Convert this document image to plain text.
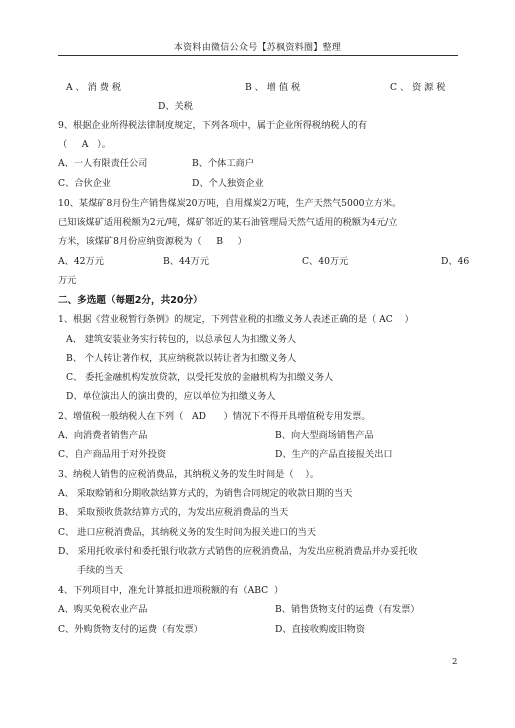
本资料由微信公众号【苏枫资料圈】整理
A 、 消 费 税	B 、 增 值 税	C 、 资 源 税
D、关税
9、根据企业所得税法律制度规定，下列各项中，属于企业所得税纳税人的有
（     A   ）。
A、一人有限责任公司	B、个体工商户
C、合伙企业	D、个人独资企业
10、某煤矿8月份生产销售煤炭20万吨，自用煤炭2万吨，生产天然气5000立方米。
已知该煤矿适用税额为2元/吨，煤矿邻近的某石油管理局天然气适用的税额为4元/立
方米，该煤矿8月份应纳资源税为（     B     ）
A、42万元	B、44万元	C、40万元	D、46
万元
二、多选题（每题2分，共20分）
1、根据《营业税暂行条例》的规定，下列营业税的扣缴义务人表述正确的是（ AC    ）
A、 建筑安装业务实行转包的，以总承包人为扣缴义务人
B、 个人转让著作权，其应纳税款以转让者为扣缴义务人
C、 委托金融机构发放贷款，以受托发放的金融机构为扣缴义务人
D、单位演出人的演出费的，应以单位为扣缴义务人
2、增值税一般纳税人在下列（   AD      ）情况下不得开具增值税专用发票。
A、向消费者销售产品	B、向大型商场销售产品
C、自产商品用于对外投资	D、生产的产品直接报关出口
3、纳税人销售的应税消费品，其纳税义务的发生时间是（    ）。
A、 采取赊销和分期收款结算方式的，为销售合同规定的收款日期的当天
B、 采取预收货款结算方式的，为发出应税消费品的当天
C、 进口应税消费品，其纳税义务的发生时间为报关进口的当天
D、 采用托收承付和委托银行收款方式销售的应税消费品，为发出应税消费品并办妥托收
手续的当天
4、下列项目中，准允计算抵扣进项税额的有（ABC  ）
A、购买免税农业产品	B、销售货物支付的运费（有发票）
C、外购货物支付的运费（有发票）	D、直接收购废旧物资
2
